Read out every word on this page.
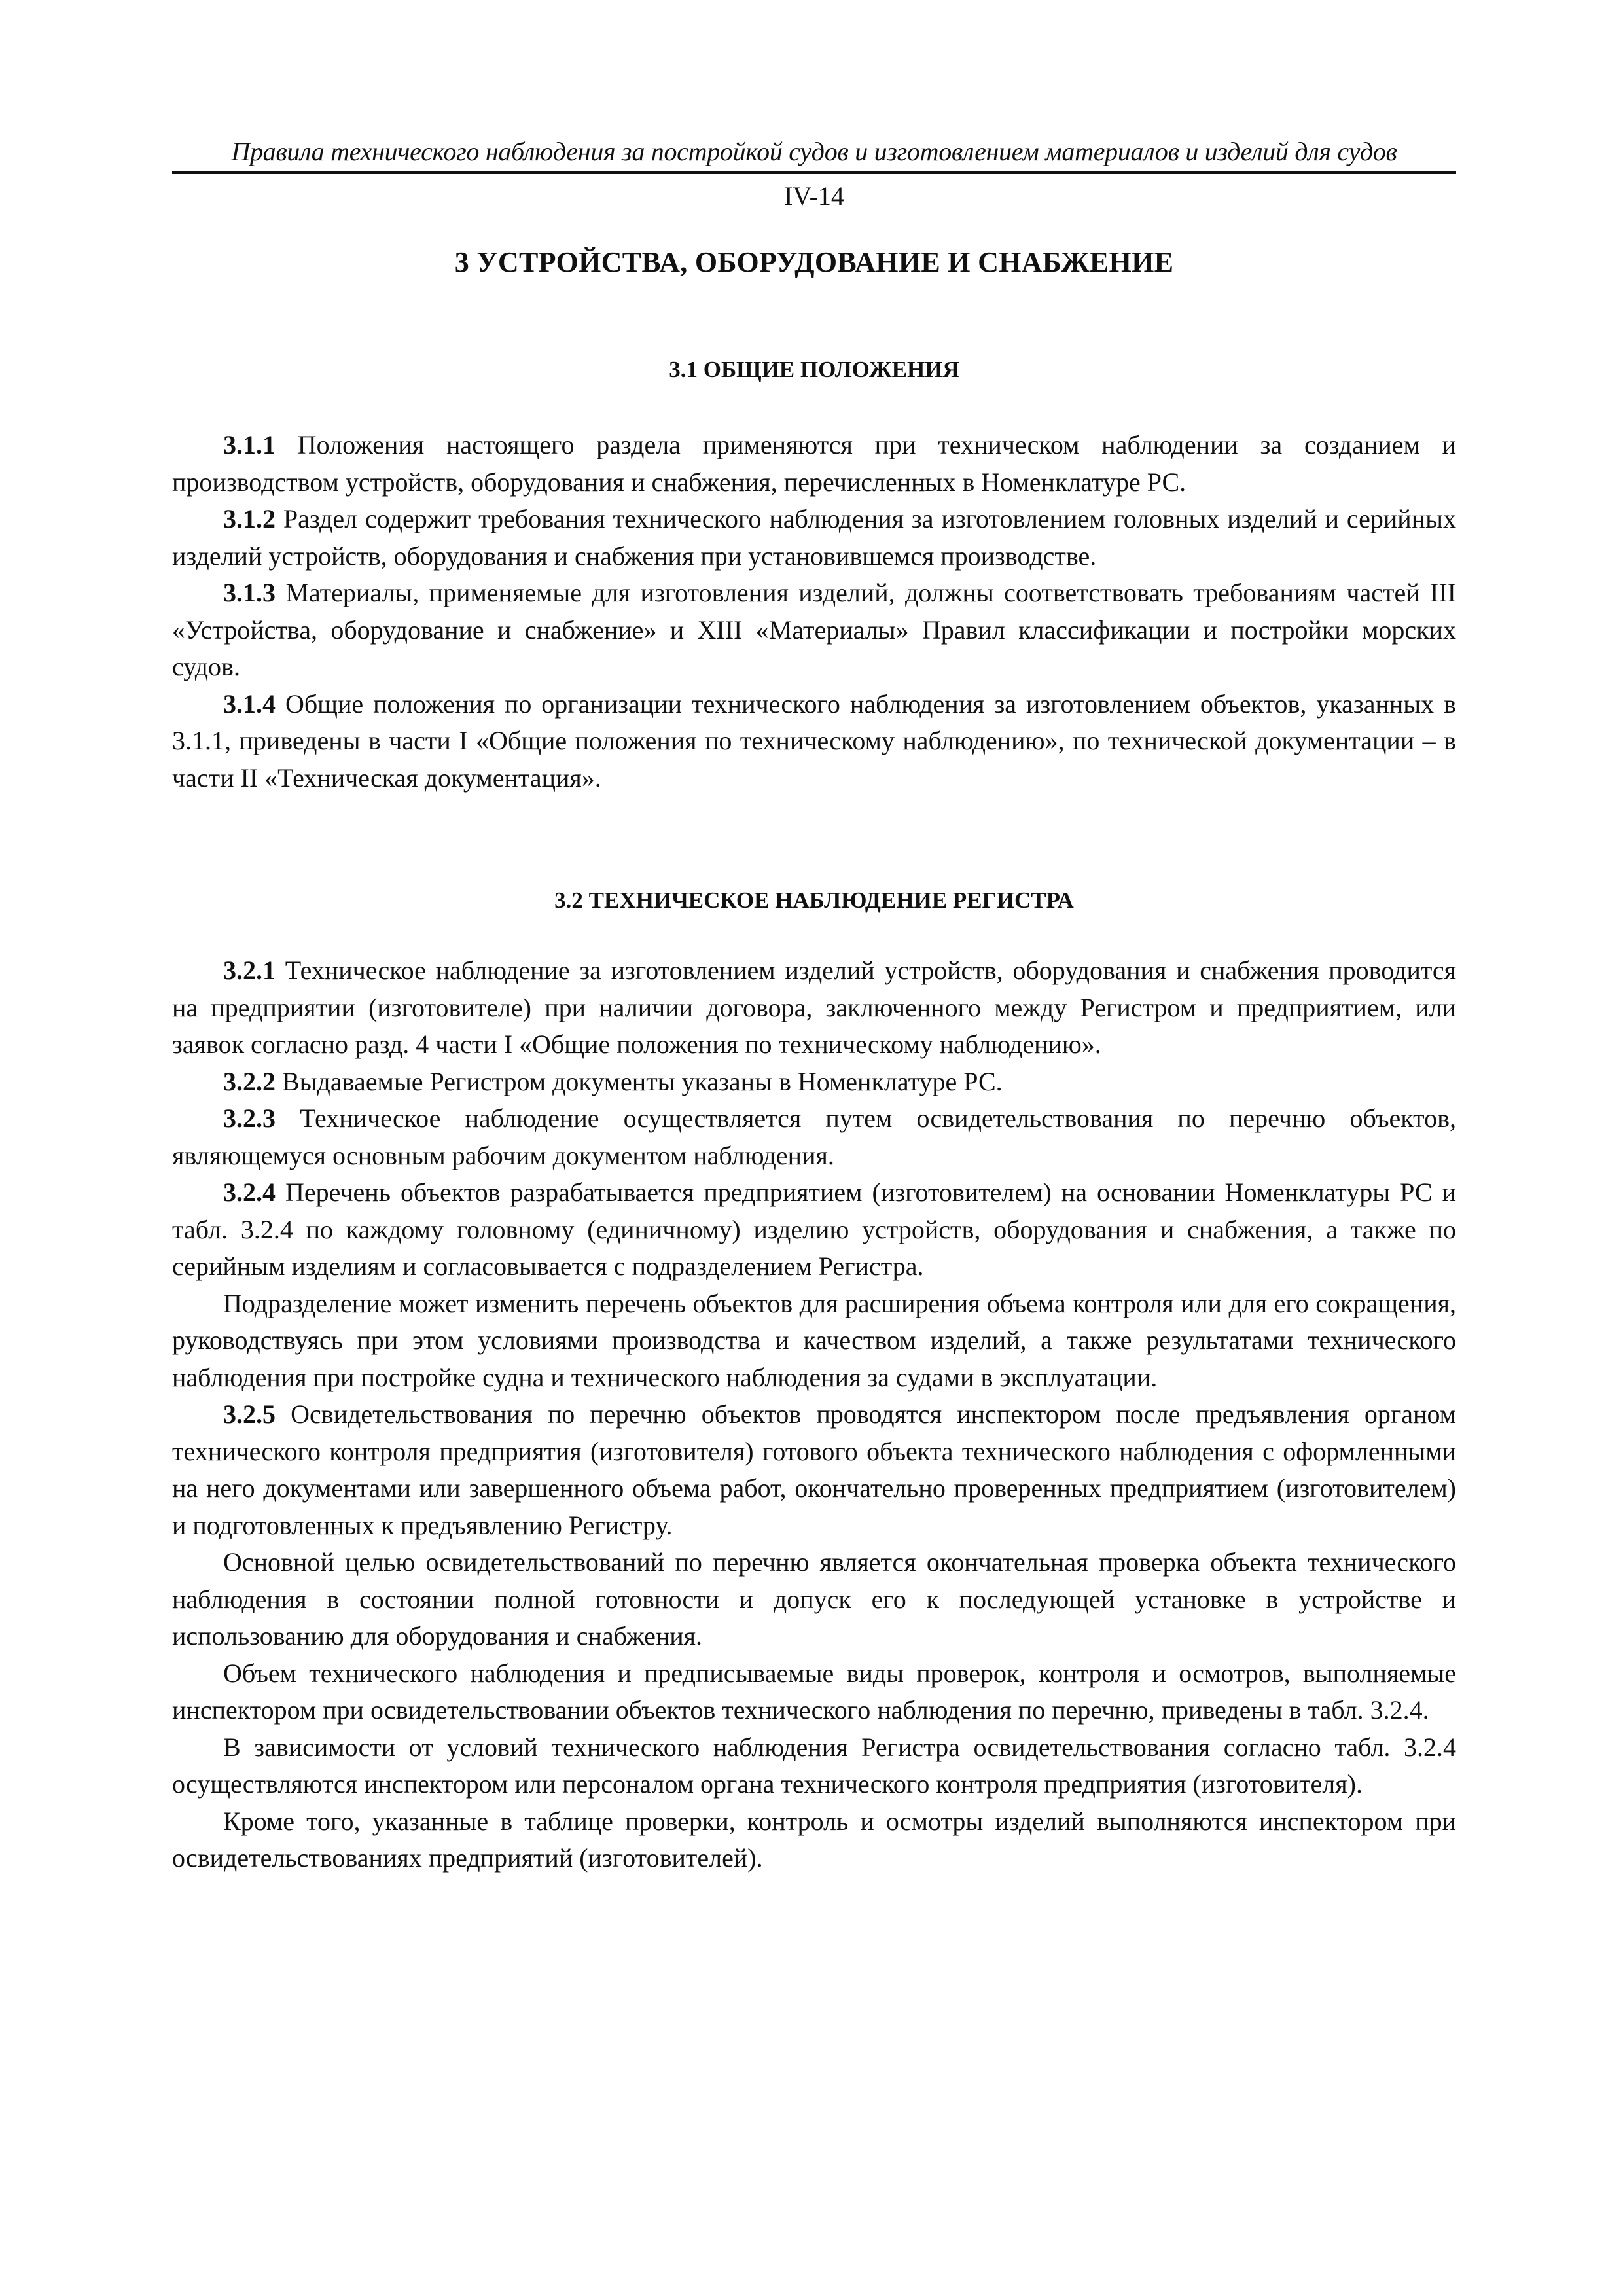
Правила технического наблюдения за постройкой судов и изготовлением материалов и изделий для судов
IV-14
3 УСТРОЙСТВА, ОБОРУДОВАНИЕ И СНАБЖЕНИЕ
3.1 ОБЩИЕ ПОЛОЖЕНИЯ

3.1.1 Положения настоящего раздела применяются при техническом наблюдении за созданием и производством устройств, оборудования и снабжения, перечисленных в Номенклатуре РС.

3.1.2 Раздел содержит требования технического наблюдения за изготовлением головных изделий и серийных изделий устройств, оборудования и снабжения при установившемся производстве.

3.1.3 Материалы, применяемые для изготовления изделий, должны соответствовать требованиям частей III «Устройства, оборудование и снабжение» и XIII «Материалы» Правил классификации и постройки морских судов.

3.1.4 Общие положения по организации технического наблюдения за изготовлением объектов, указанных в 3.1.1, приведены в части I «Общие положения по техническому наблюдению», по технической документации – в части II «Техническая документация».

3.2 ТЕХНИЧЕСКОЕ НАБЛЮДЕНИЕ РЕГИСТРА

3.2.1 Техническое наблюдение за изготовлением изделий устройств, оборудования и снабжения проводится на предприятии (изготовителе) при наличии договора, заключенного между Регистром и предприятием, или заявок согласно разд. 4 части I «Общие положения по техническому наблюдению».

3.2.2 Выдаваемые Регистром документы указаны в Номенклатуре РС.

3.2.3 Техническое наблюдение осуществляется путем освидетельствования по перечню объектов, являющемуся основным рабочим документом наблюдения.

3.2.4 Перечень объектов разрабатывается предприятием (изготовителем) на основании Номенклатуры РС и табл. 3.2.4 по каждому головному (единичному) изделию устройств, оборудования и снабжения, а также по серийным изделиям и согласовывается с подразделением Регистра.

Подразделение может изменить перечень объектов для расширения объема контроля или для его сокращения, руководствуясь при этом условиями производства и качеством изделий, а также результатами технического наблюдения при постройке судна и технического наблюдения за судами в эксплуатации.

3.2.5 Освидетельствования по перечню объектов проводятся инспектором после предъявления органом технического контроля предприятия (изготовителя) готового объекта технического наблюдения с оформленными на него документами или завершенного объема работ, окончательно проверенных предприятием (изготовителем) и подготовленных к предъявлению Регистру.

Основной целью освидетельствований по перечню является окончательная проверка объекта технического наблюдения в состоянии полной готовности и допуск его к последующей установке в устройстве и использованию для оборудования и снабжения.

Объем технического наблюдения и предписываемые виды проверок, контроля и осмотров, выполняемые инспектором при освидетельствовании объектов технического наблюдения по перечню, приведены в табл. 3.2.4.

В зависимости от условий технического наблюдения Регистра освидетельствования согласно табл. 3.2.4 осуществляются инспектором или персоналом органа технического контроля предприятия (изготовителя).

Кроме того, указанные в таблице проверки, контроль и осмотры изделий выполняются инспектором при освидетельствованиях предприятий (изготовителей).
